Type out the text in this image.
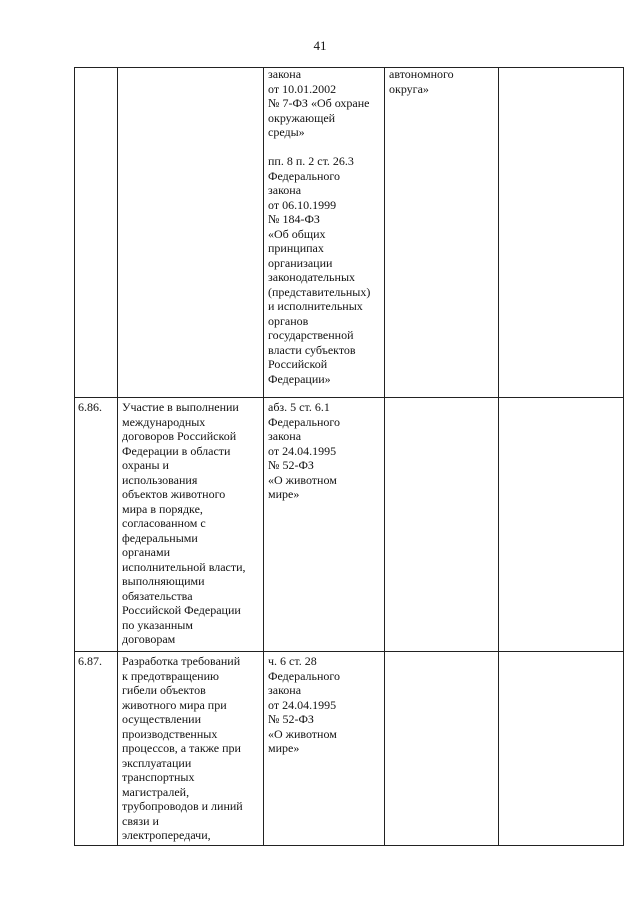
41
закона
от 10.01.2002
№ 7-ФЗ «Об охране
окружающей
среды»

пп. 8 п. 2 ст. 26.3
Федерального
закона
от 06.10.1999
№ 184-ФЗ
«Об общих
принципах
организации
законодательных
(представительных)
и исполнительных
органов
государственной
власти субъектов
Российской
Федерации»
автономного
округа»
6.86.	Участие в выполнении
международных
договоров Российской
Федерации в области
охраны и
использования
объектов животного
мира в порядке,
согласованном с
федеральными
органами
исполнительной власти,
выполняющими
обязательства
Российской Федерации
по указанным
договорам
абз. 5 ст. 6.1
Федерального
закона
от 24.04.1995
№ 52-ФЗ
«О животном
мире»
6.87.	Разработка требований
к предотвращению
гибели объектов
животного мира при
осуществлении
производственных
процессов, а также при
эксплуатации
транспортных
магистралей,
трубопроводов и линий
связи и
электропередачи,
ч. 6 ст. 28
Федерального
закона
от 24.04.1995
№ 52-ФЗ
«О животном
мире»
